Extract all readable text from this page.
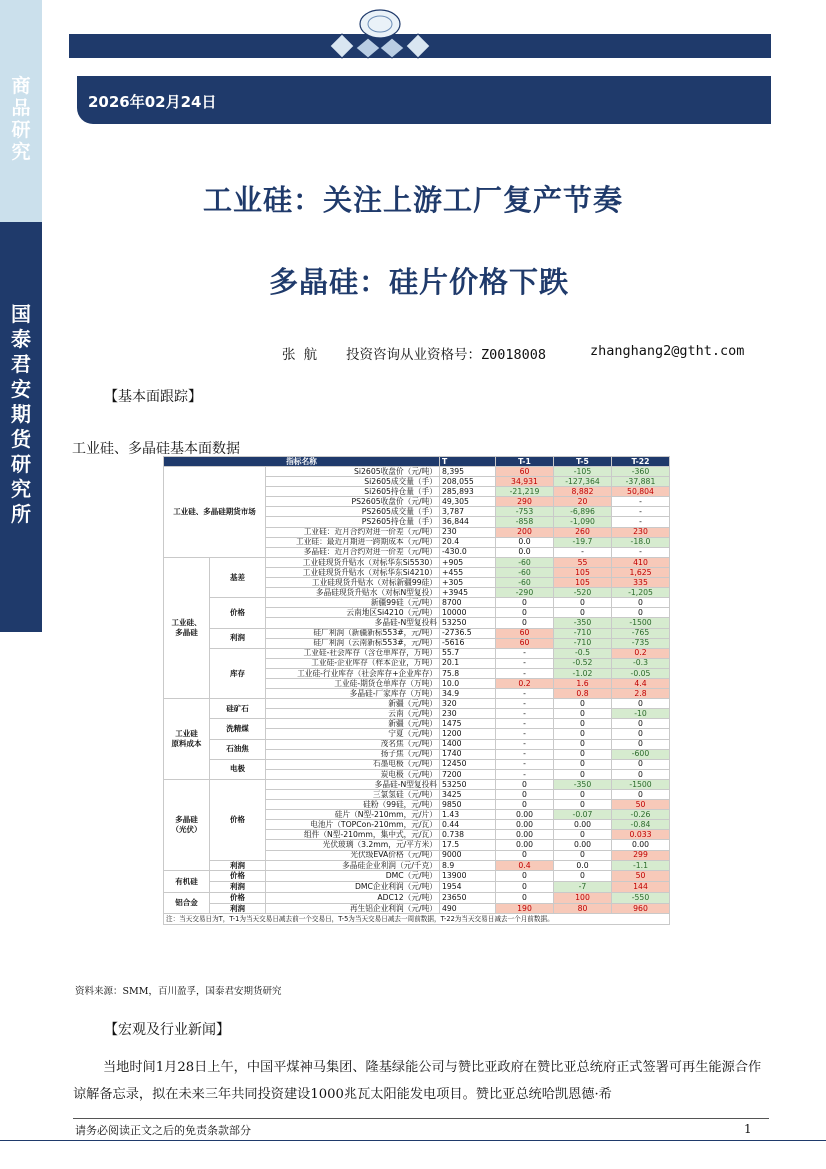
商
品
研
究
国
泰
君
安
期
货
研
究
所
2026年02月24日
工业硅：关注上游工厂复产节奏
多晶硅：硅片价格下跌
张 航 投资咨询从业资格号：Z0018008	zhanghang2@gtht.com
【基本面跟踪】
工业硅、多晶硅基本面数据
指标名称			T	T-1	T-5	T-22
工业硅、多晶硅期货市场		Si2605收盘价（元/吨）	8,395	60	-105	-360
		Si2605成交量（手）	208,055	34,931	-127,364	-37,881
		Si2605持仓量（手）	285,893	-21,219	8,882	50,804
		PS2605收盘价（元/吨）	49,305	290	20	-
		PS2605成交量（手）	3,787	-753	-6,896	-
		PS2605持仓量（手）	36,844	-858	-1,090	-
		工业硅：近月合约对进一价差（元/吨）	230	200	260	230
		工业硅：最近月期进一跨期成本（元/吨）	20.4	0.0	-19.7	-18.0
		多晶硅：近月合约对进一价差（元/吨）	-430.0	0.0	-	-
工业硅、
多晶硅	基差	工业硅现货升贴水（对标华东Si5530）	+905	-60	55	410
		工业硅现货升贴水（对标华东Si4210）	+455	-60	105	1,625
		工业硅现货升贴水（对标新疆99硅）	+305	-60	105	335
		多晶硅现货升贴水（对标N型复投）	+3945	-290	-520	-1,205
	价格	新疆99硅（元/吨）	8700	0	0	0
		云南地区Si4210（元/吨）	10000	0	0	0
		多晶硅-N型复投料	53250	0	-350	-1500
	利润	硅厂利润（新疆新标553#，元/吨）	-2736.5	60	-710	-765
		硅厂利润（云南新标553#，元/吨）	-5616	60	-710	-735
	库存	工业硅-社会库存（含仓单库存，万吨）	55.7	-	-0.5	0.2
		工业硅-企业库存（样本企业，万吨）	20.1	-	-0.52	-0.3
		工业硅-行业库存（社会库存+企业库存）	75.8	-	-1.02	-0.05
		工业硅-期货仓单库存（万吨）	10.0	0.2	1.6	4.4
		多晶硅-厂家库存（万吨）	34.9	-	0.8	2.8
工业硅
原料成本	硅矿石	新疆（元/吨）	320	-	0	0
		云南（元/吨）	230	-	0	-10
	洗精煤	新疆（元/吨）	1475	-	0	0
		宁夏（元/吨）	1200	-	0	0
	石油焦	茂名焦（元/吨）	1400	-	0	0
		扬子焦（元/吨）	1740	-	0	-600
	电极	石墨电极（元/吨）	12450	-	0	0
		炭电极（元/吨）	7200	-	0	0
多晶硅
（光伏）	价格	多晶硅-N型复投料	53250	0	-350	-1500
		三氯氢硅（元/吨）	3425	0	0	0
		硅粉（99硅，元/吨）	9850	0	0	50
		硅片（N型-210mm，元/片）	1.43	0.00	-0.07	-0.26
		电池片（TOPCon-210mm，元/瓦）	0.44	0.00	0.00	-0.84
		组件（N型-210mm，集中式，元/瓦）	0.738	0.00	0	0.033
		光伏玻璃（3.2mm，元/平方米）	17.5	0.00	0.00	0.00
		光伏级EVA价格（元/吨）	9000	0	0	299
	利润	多晶硅企业利润（元/千克）	8.9	0.4	0.0	-1.1
有机硅	价格	DMC（元/吨）	13900	0	0	50
	利润	DMC企业利润（元/吨）	1954	0	-7	144
铝合金	价格	ADC12（元/吨）	23650	0	100	-550
	利润	再生铝企业利润（元/吨）	490	190	80	960
注：当天交易日为T，T-1为当天交易日减去前一个交易日，T-5为当天交易日减去一周前数据，T-22为当天交易日减去一个月前数据。						
资料来源：SMM，百川盈孚，国泰君安期货研究
【宏观及行业新闻】
当地时间1月28日上午，中国平煤神马集团、隆基绿能公司与赞比亚政府在赞比亚总统府正式签署可再生能源合作谅解备忘录，拟在未来三年共同投资建设1000兆瓦太阳能发电项目。赞比亚总统哈凯恩德·希
请务必阅读正文之后的免责条款部分	1
